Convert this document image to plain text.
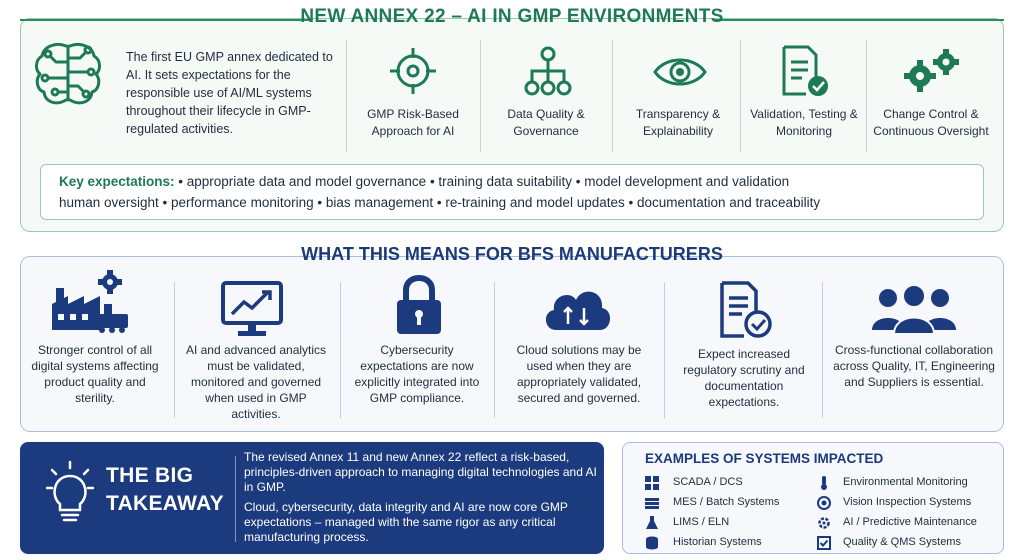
NEW ANNEX 22 – AI IN GMP ENVIRONMENTS
The first EU GMP annex dedicated to AI. It sets expectations for the responsible use of AI/ML systems throughout their lifecycle in GMP-regulated activities.
GMP Risk-Based Approach for AI
Data Quality & Governance
Transparency & Explainability
Validation, Testing & Monitoring
Change Control & Continuous Oversight
Key expectations: • appropriate data and model governance • training data suitability • model development and validation
human oversight • performance monitoring • bias management • re-training and model updates • documentation and traceability
WHAT THIS MEANS FOR BFS MANUFACTURERS
Stronger control of all digital systems affecting product quality and sterility.
AI and advanced analytics must be validated, monitored and governed when used in GMP activities.
Cybersecurity expectations are now explicitly integrated into GMP compliance.
Cloud solutions may be used when they are appropriately validated, secured and governed.
Expect increased regulatory scrutiny and documentation expectations.
Cross-functional collaboration across Quality, IT, Engineering and Suppliers is essential.
THE BIG
TAKEAWAY
The revised Annex 11 and new Annex 22 reflect a risk-based, principles-driven approach to managing digital technologies and AI in GMP.
Cloud, cybersecurity, data integrity and AI are now core GMP expectations – managed with the same rigor as any critical manufacturing process.
EXAMPLES OF SYSTEMS IMPACTED
SCADA / DCS
MES / Batch Systems
LIMS / ELN
Historian Systems
Environmental Monitoring
Vision Inspection Systems
AI / Predictive Maintenance
Quality & QMS Systems
